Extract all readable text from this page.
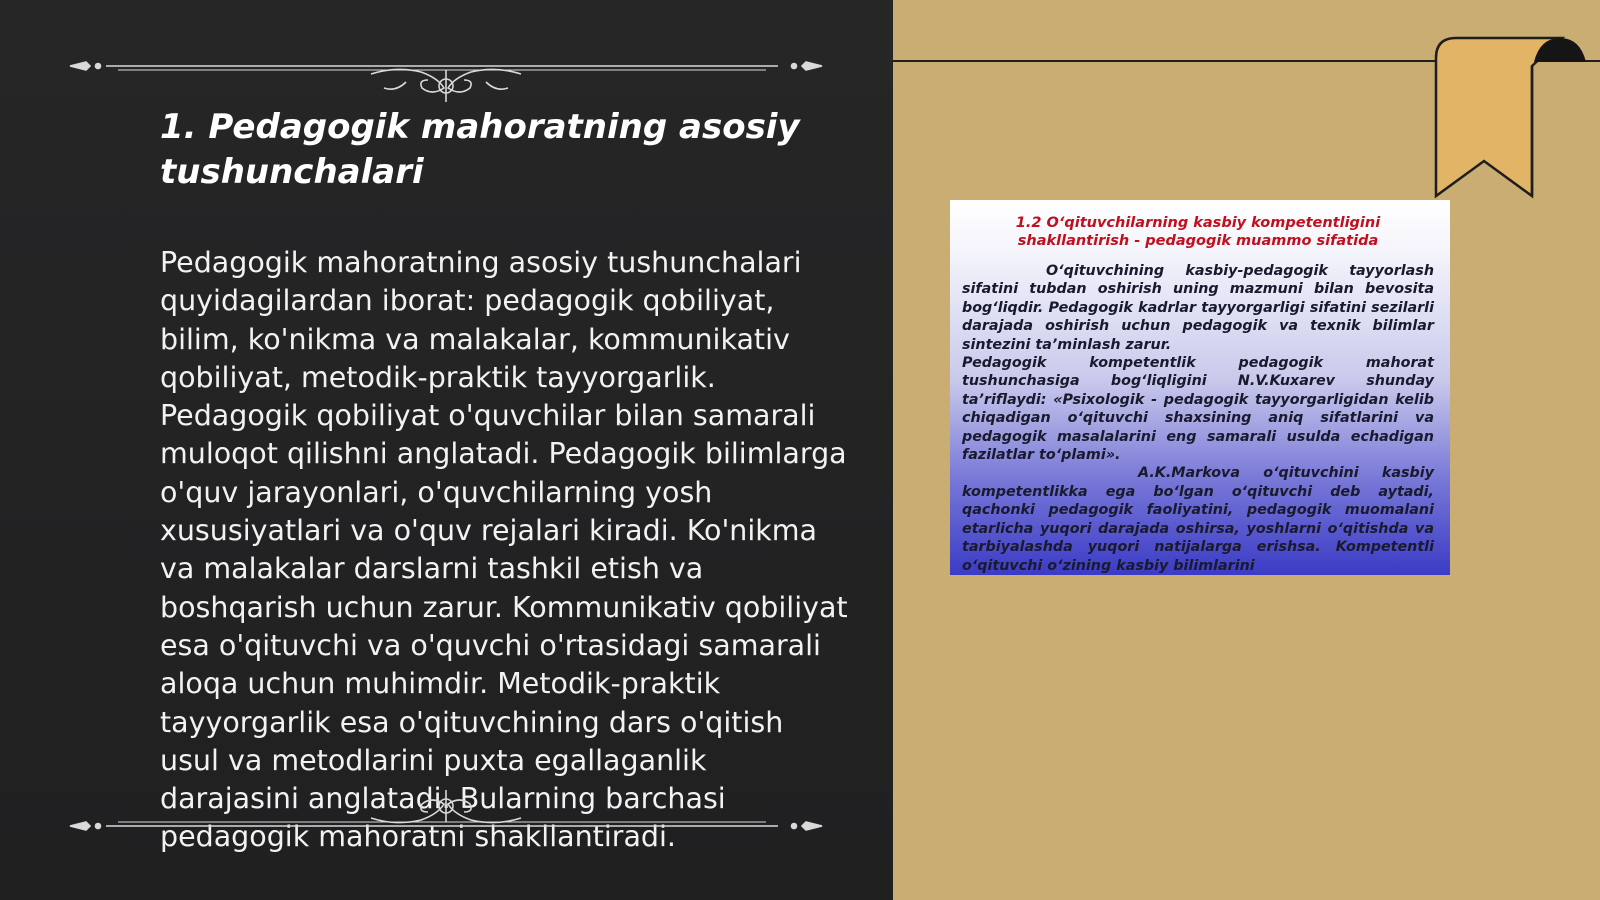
1. Pedagogik mahoratning asosiy tushunchalari

Pedagogik mahoratning asosiy tushunchalari quyidagilardan iborat: pedagogik qobiliyat, bilim, ko'nikma va malakalar, kommunikativ qobiliyat, metodik-praktik tayyorgarlik. Pedagogik qobiliyat o'quvchilar bilan samarali muloqot qilishni anglatadi. Pedagogik bilimlarga o'quv jarayonlari, o'quvchilarning yosh xususiyatlari va o'quv rejalari kiradi. Ko'nikma va malakalar darslarni tashkil etish va boshqarish uchun zarur. Kommunikativ qobiliyat esa o'qituvchi va o'quvchi o'rtasidagi samarali aloqa uchun muhimdir. Metodik-praktik tayyorgarlik esa o'qituvchining dars o'qitish usul va metodlarini puxta egallaganlik darajasini anglatadi. Bularning barchasi pedagogik mahoratni shakllantiradi.

1.2 O‘qituvchilarning kasbiy kompetentligini shakllantirish - pedagogik muammo sifatida

O‘qituvchining kasbiy-pedagogik tayyorlash sifatini tubdan oshirish uning mazmuni bilan bevosita bog‘liqdir. Pedagogik kadrlar tayyorgarligi sifatini sezilarli darajada oshirish uchun pedagogik va texnik bilimlar sintezini ta’minlash zarur.

Pedagogik kompetentlik pedagogik mahorat tushunchasiga bog‘liqligini N.V.Kuxarev shunday ta’riflaydi: «Psixologik - pedagogik tayyorgarligidan kelib chiqadigan o‘qituvchi shaxsining aniq sifatlarini va pedagogik masalalarini eng samarali usulda echadigan fazilatlar to‘plami».

A.K.Markova o‘qituvchini kasbiy kompetentlikka ega bo‘lgan o‘qituvchi deb aytadi, qachonki pedagogik faoliyatini, pedagogik muomalani etarlicha yuqori darajada oshirsa, yoshlarni o‘qitishda va tarbiyalashda yuqori natijalarga erishsa. Kompetentli o‘qituvchi o‘zining kasbiy bilimlarini
